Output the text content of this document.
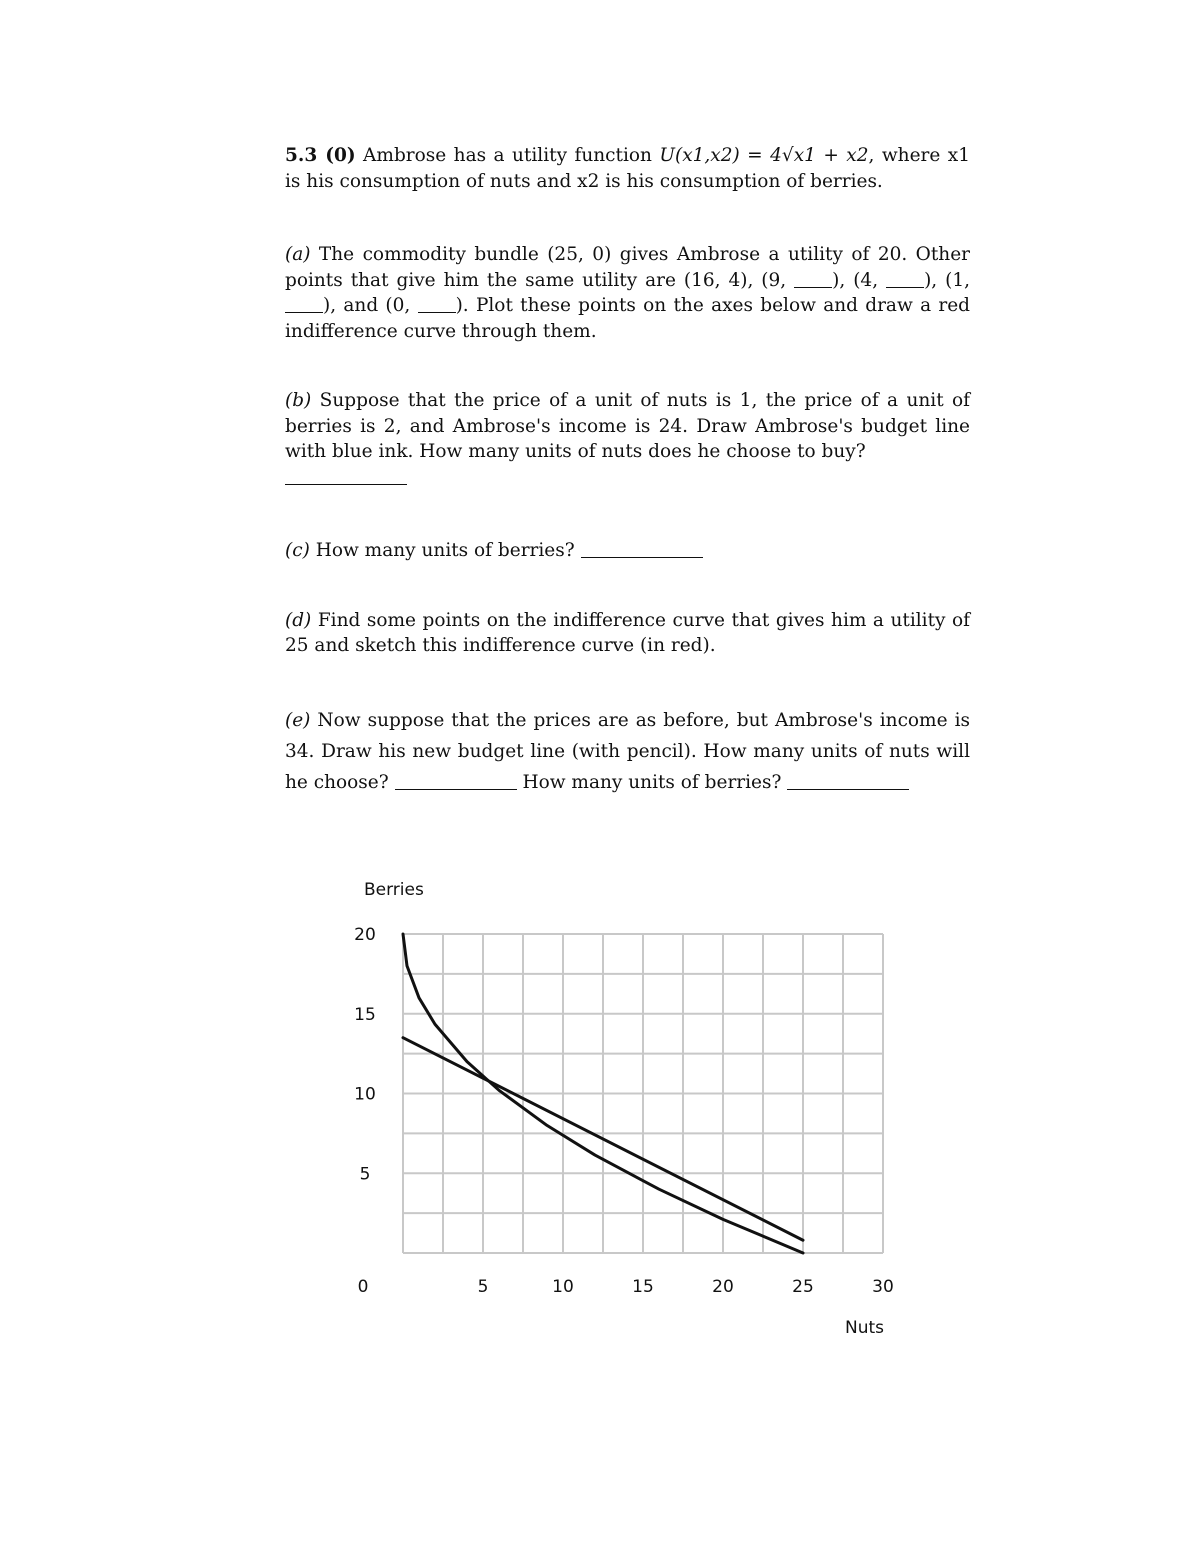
5.3 (0) Ambrose has a utility function U(x1,x2) = 4√x1 + x2, where x1 is his consumption of nuts and x2 is his consumption of berries.

(a) The commodity bundle (25, 0) gives Ambrose a utility of 20. Other points that give him the same utility are (16, 4), (9, ), (4, ), (1, ), and (0, ). Plot these points on the axes below and draw a red indifference curve through them.

(b) Suppose that the price of a unit of nuts is 1, the price of a unit of berries is 2, and Ambrose's income is 24. Draw Ambrose's budget line with blue ink. How many units of nuts does he choose to buy?

(c) How many units of berries?

(d) Find some points on the indifference curve that gives him a utility of 25 and sketch this indifference curve (in red).

(e) Now suppose that the prices are as before, but Ambrose's income is 34. Draw his new budget line (with pencil). How many units of nuts will he choose?	How many units of berries?

Berries
Nuts
0	5	10	15	20	25	30
5
10
15
20
